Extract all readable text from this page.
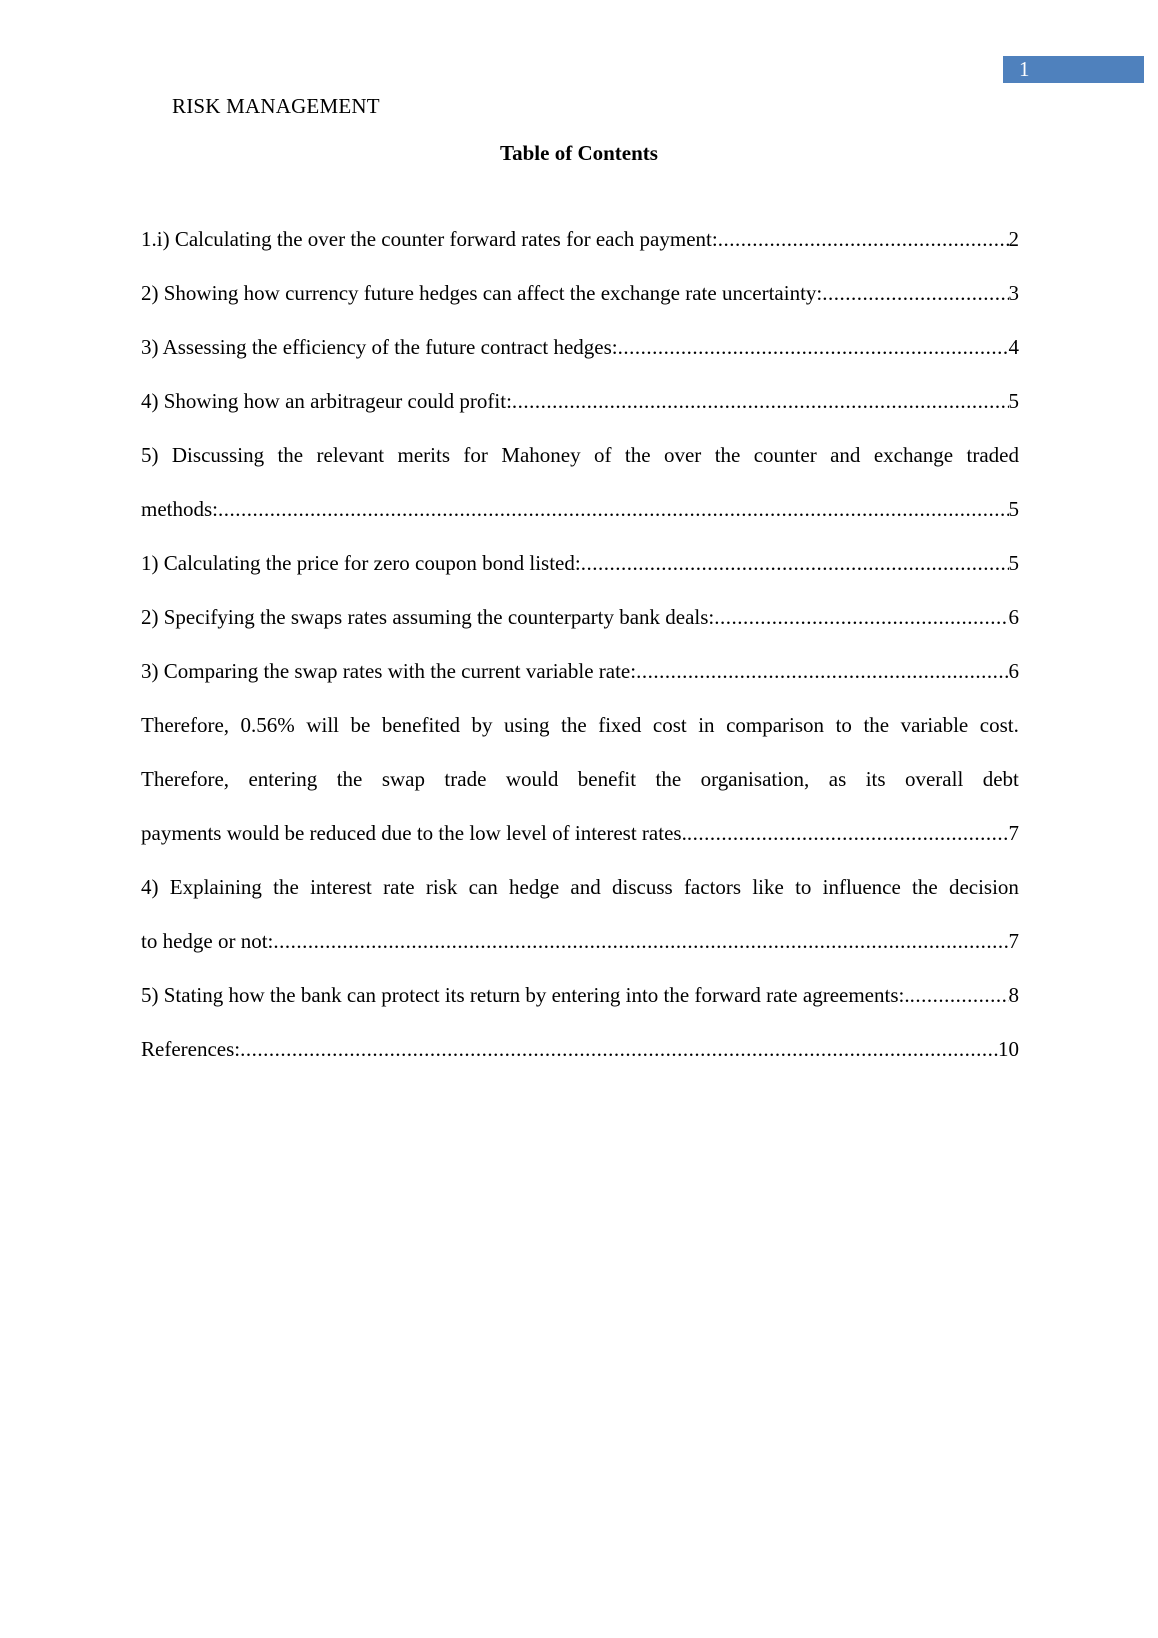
1
RISK MANAGEMENT
Table of Contents
1.i) Calculating the over the counter forward rates for each payment: .....	2
2) Showing how currency future hedges can affect the exchange rate uncertainty: .....	3
3) Assessing the efficiency of the future contract hedges: .....	4
4) Showing how an arbitrageur could profit: .....	5
5) Discussing the relevant merits for Mahoney of the over the counter and exchange traded
methods: .....	5
1) Calculating the price for zero coupon bond listed: .....	5
2) Specifying the swaps rates assuming the counterparty bank deals: .....	6
3) Comparing the swap rates with the current variable rate: .....	6
Therefore, 0.56% will be benefited by using the fixed cost in comparison to the variable cost.
Therefore, entering the swap trade would benefit the organisation, as its overall debt
payments would be reduced due to the low level of interest rates. .....	7
4) Explaining the interest rate risk can hedge and discuss factors like to influence the decision
to hedge or not: .....	7
5) Stating how the bank can protect its return by entering into the forward rate agreements:. .....	8
References: .....	10
